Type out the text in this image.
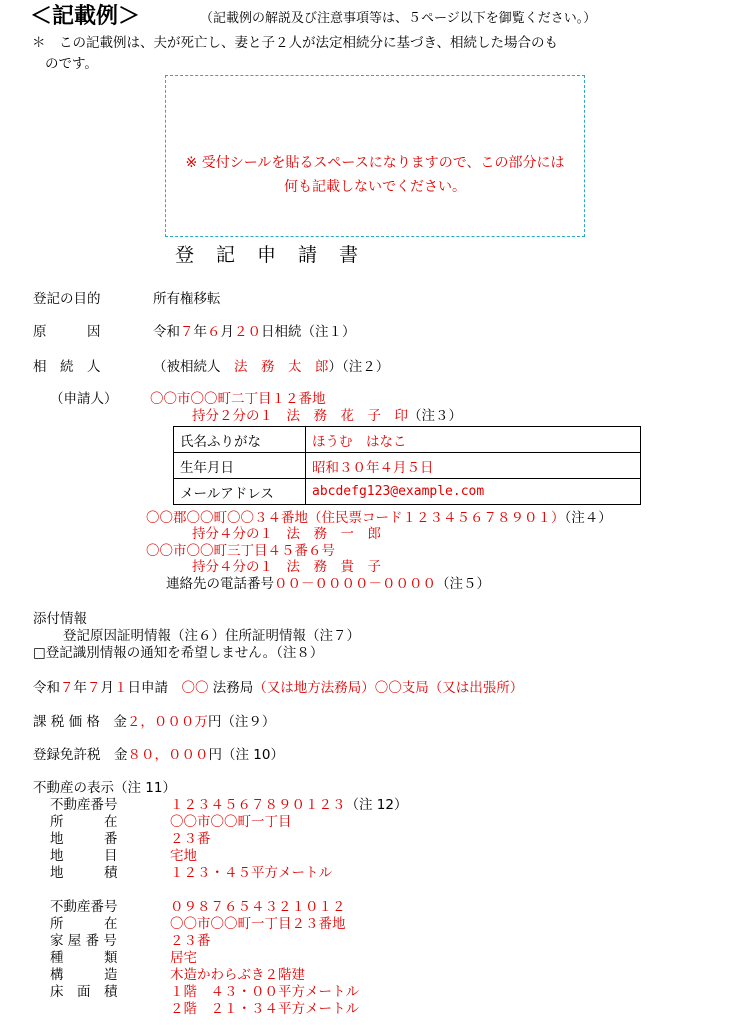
＜記載例＞	（記載例の解説及び注意事項等は、５ページ以下を御覧ください。）
＊　この記載例は、夫が死亡し、妻と子２人が法定相続分に基づき、相続した場合のも
のです。
※ 受付シールを貼るスペースになりますので、この部分には
何も記載しないでください。
登記申請書
登記の目的	所有権移転
原　　　因	令和７年６月２０日相続（注１）
相　続　人	（被相続人　 法　務　太　郎）（注２）
（申請人） 〇〇市〇〇町二丁目１２番地
持分２分の１　法　務　花　子　印（注３）
氏名ふりがな	ほうむ　はなこ
生年月日	昭和３０年４月５日
メールアドレス	abcdefg123@example.com
〇〇郡〇〇町〇〇３４番地（住民票コード１２３４５６７８９０１）（注４）
持分４分の１　法　務　一　郎
〇〇市〇〇町三丁目４５番６号
持分４分の１　法　務　貴　子
連絡先の電話番号００－００００－００００（注５）
添付情報
登記原因証明情報（注６）住所証明情報（注７）
□登記識別情報の通知を希望しません。（注８）
令和７年７月１日申請　 〇〇 法務局（又は地方法務局）〇〇支局（又は出張所）
課 税 価 格　 金２，０００万円（注９）
登録免許税　 金８０，０００円（注 10）
不動産の表示（注 11）
不動産番号	１２３４５６７８９０１２３（注 12）
所　　　在	〇〇市〇〇町一丁目
地　　　番	２３番
地　　　目	宅地
地　　　積	１２３・４５平方メートル
不動産番号	０９８７６５４３２１０１２
所　　　在	〇〇市〇〇町一丁目２３番地
家 屋 番 号	２３番
種　　　類	居宅
構　　　造	木造かわらぶき２階建
床　面　積	１階　４３・００平方メートル
２階　２１・３４平方メートル
